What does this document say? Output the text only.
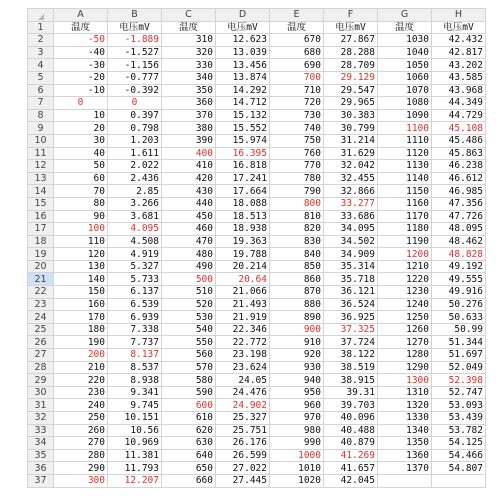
	A	B	C	D	E	F	G	H
1	温度	电压mV	温度	电压mV	温度	电压mV	温度	电压mV
2	-50	-1.889	310	12.623	670	27.867	1030	42.432
3	-40	-1.527	320	13.039	680	28.288	1040	42.817
4	-30	-1.156	330	13.456	690	28.709	1050	43.202
5	-20	-0.777	340	13.874	700	29.129	1060	43.585
6	-10	-0.392	350	14.292	710	29.547	1070	43.968
7	0	0	360	14.712	720	29.965	1080	44.349
8	10	0.397	370	15.132	730	30.383	1090	44.729
9	20	0.798	380	15.552	740	30.799	1100	45.108
10	30	1.203	390	15.974	750	31.214	1110	45.486
11	40	1.611	400	16.395	760	31.629	1120	45.863
12	50	2.022	410	16.818	770	32.042	1130	46.238
13	60	2.436	420	17.241	780	32.455	1140	46.612
14	70	2.85	430	17.664	790	32.866	1150	46.985
15	80	3.266	440	18.088	800	33.277	1160	47.356
16	90	3.681	450	18.513	810	33.686	1170	47.726
17	100	4.095	460	18.938	820	34.095	1180	48.095
18	110	4.508	470	19.363	830	34.502	1190	48.462
19	120	4.919	480	19.788	840	34.909	1200	48.828
20	130	5.327	490	20.214	850	35.314	1210	49.192
21	140	5.733	500	20.64	860	35.718	1220	49.555
22	150	6.137	510	21.066	870	36.121	1230	49.916
23	160	6.539	520	21.493	880	36.524	1240	50.276
24	170	6.939	530	21.919	890	36.925	1250	50.633
25	180	7.338	540	22.346	900	37.325	1260	50.99
26	190	7.737	550	22.772	910	37.724	1270	51.344
27	200	8.137	560	23.198	920	38.122	1280	51.697
28	210	8.537	570	23.624	930	38.519	1290	52.049
29	220	8.938	580	24.05	940	38.915	1300	52.398
30	230	9.341	590	24.476	950	39.31	1310	52.747
31	240	9.745	600	24.902	960	39.703	1320	53.093
32	250	10.151	610	25.327	970	40.096	1330	53.439
33	260	10.56	620	25.751	980	40.488	1340	53.782
34	270	10.969	630	26.176	990	40.879	1350	54.125
35	280	11.381	640	26.599	1000	41.269	1360	54.466
36	290	11.793	650	27.022	1010	41.657	1370	54.807
37	300	12.207	660	27.445	1020	42.045		
